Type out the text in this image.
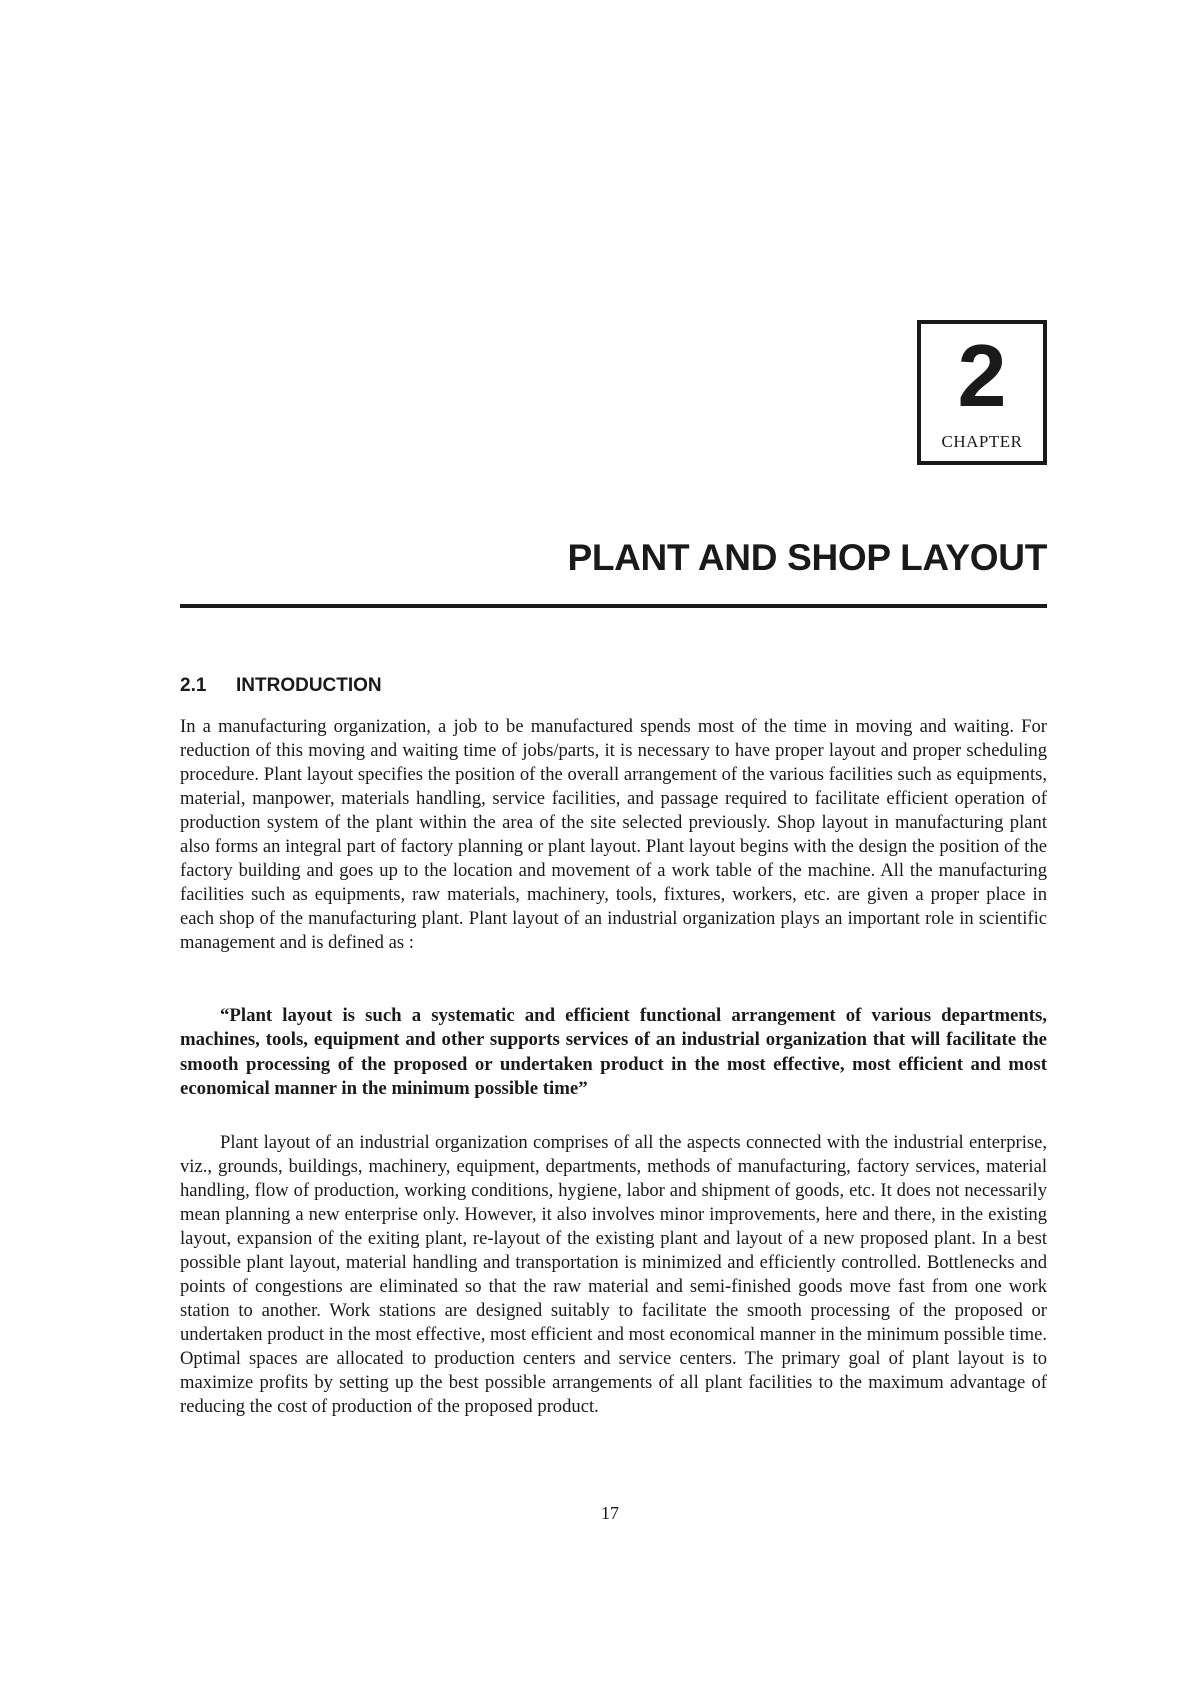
2
CHAPTER
PLANT AND SHOP LAYOUT
2.1 INTRODUCTION

In a manufacturing organization, a job to be manufactured spends most of the time in moving and waiting. For reduction of this moving and waiting time of jobs/parts, it is necessary to have proper layout and proper scheduling procedure. Plant layout specifies the position of the overall arrangement of the various facilities such as equipments, material, manpower, materials handling, service facilities, and passage required to facilitate efficient operation of production system of the plant within the area of the site selected previously. Shop layout in manufacturing plant also forms an integral part of factory planning or plant layout. Plant layout begins with the design the position of the factory building and goes up to the location and movement of a work table of the machine. All the manufacturing facilities such as equipments, raw materials, machinery, tools, fixtures, workers, etc. are given a proper place in each shop of the manufacturing plant. Plant layout of an industrial organization plays an important role in scientific management and is defined as :

“Plant layout is such a systematic and efficient functional arrangement of various departments, machines, tools, equipment and other supports services of an industrial organization that will facilitate the smooth processing of the proposed or undertaken product in the most effective, most efficient and most economical manner in the minimum possible time”

Plant layout of an industrial organization comprises of all the aspects connected with the industrial enterprise, viz., grounds, buildings, machinery, equipment, departments, methods of manufacturing, factory services, material handling, flow of production, working conditions, hygiene, labor and shipment of goods, etc. It does not necessarily mean planning a new enterprise only. However, it also involves minor improvements, here and there, in the existing layout, expansion of the exiting plant, re-layout of the existing plant and layout of a new proposed plant. In a best possible plant layout, material handling and transportation is minimized and efficiently controlled. Bottlenecks and points of congestions are eliminated so that the raw material and semi-finished goods move fast from one work station to another. Work stations are designed suitably to facilitate the smooth processing of the proposed or undertaken product in the most effective, most efficient and most economical manner in the minimum possible time. Optimal spaces are allocated to production centers and service centers. The primary goal of plant layout is to maximize profits by setting up the best possible arrangements of all plant facilities to the maximum advantage of reducing the cost of production of the proposed product.

17
